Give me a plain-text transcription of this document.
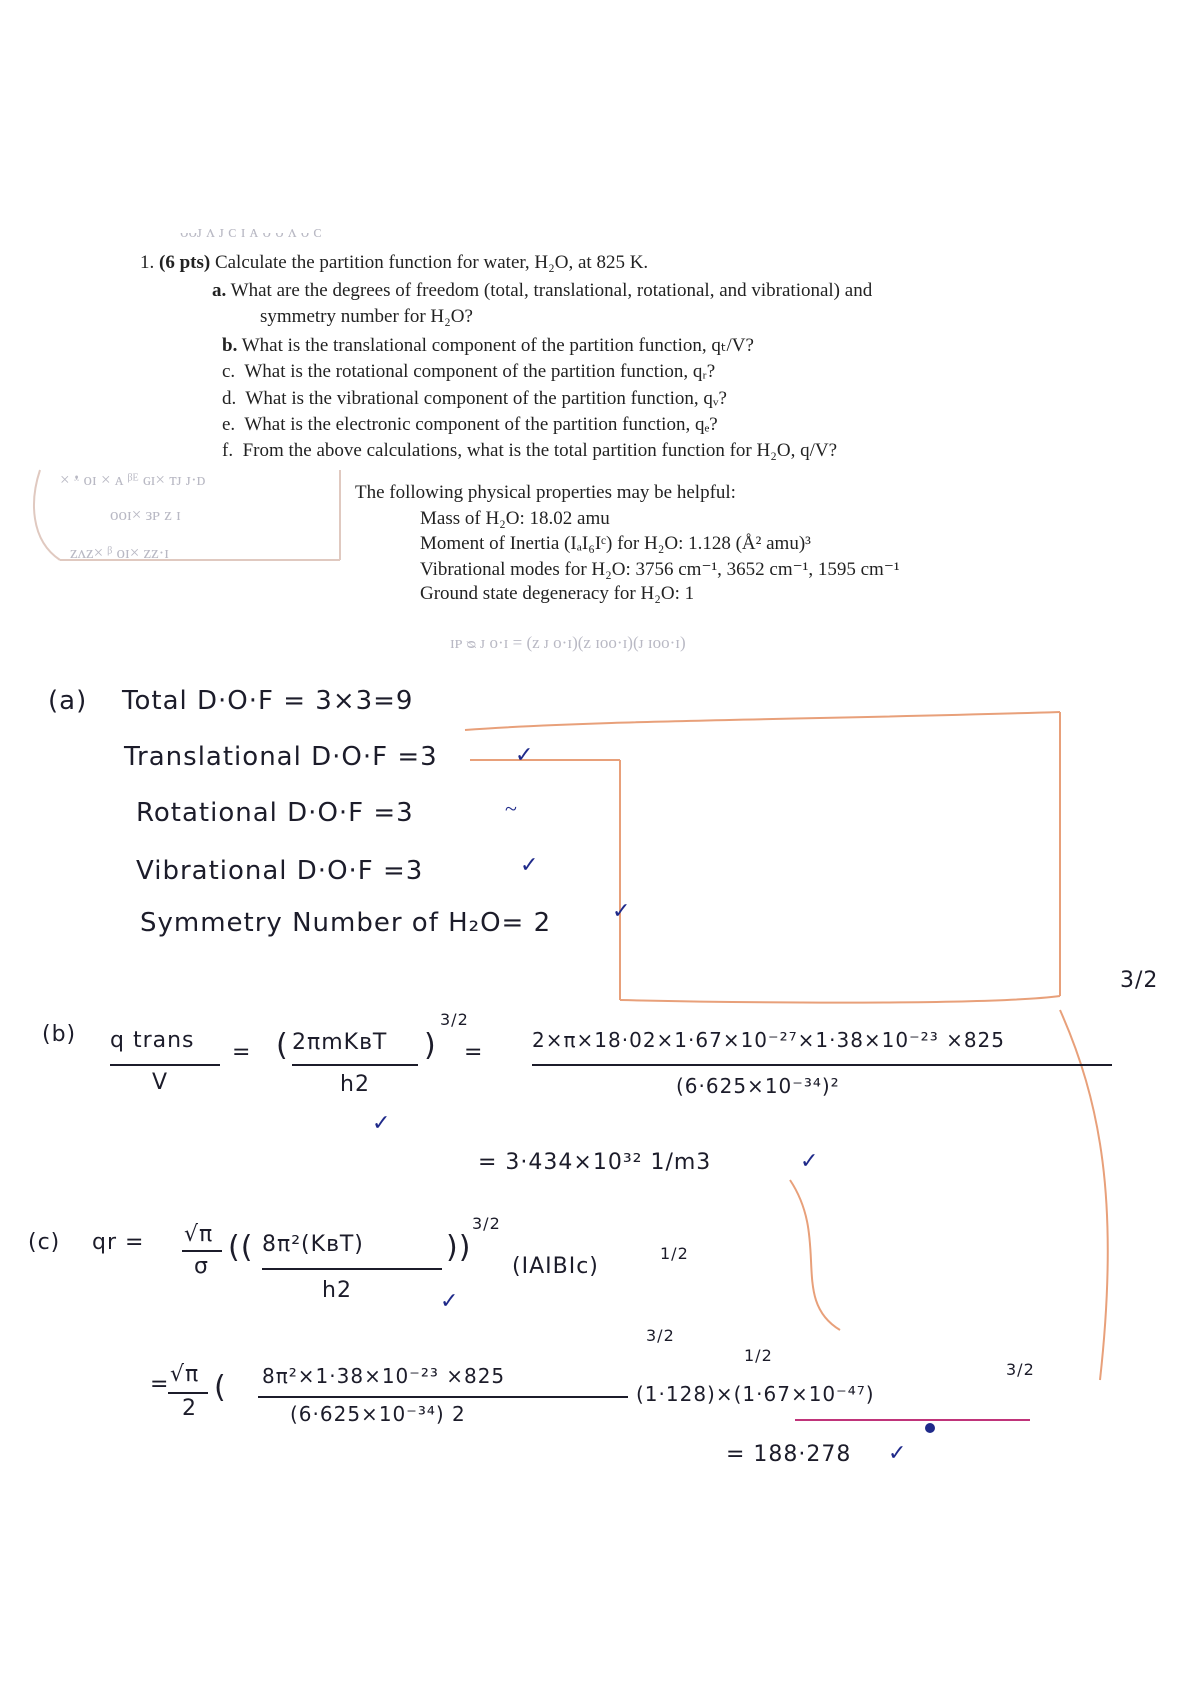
ᴗᴗᴊ ᴧ ᴊ ᴄ ɪ ᴀ ᴗ ᴗ ᴧ ᴗ ᴄ
× ᵜ ᴏɪ × ᴀ ᵝᴱ ɢɪ× ᴛᴊ ᴊ·ᴅ
ᴏᴏɪ× ᴈᴘ ᴢ ɪ
ᴢᴧᴢ× ᵝ ᴏɪ× ᴢᴢ·ɪ
ɪᴘ ᴓ ᴊ ᴏ·ɪ = (ᴢ ᴊ ᴏ·ɪ)(ᴢ ɪᴏᴏ·ɪ)(ᴊ ɪᴏᴏ·ɪ)
1. (6 pts) Calculate the partition function for water, H₂O, at 825 K.
a. What are the degrees of freedom (total, translational, rotational, and vibrational) and
symmetry number for H₂O?
b. What is the translational component of the partition function, qₜ/V?
c. What is the rotational component of the partition function, qᵣ?
d. What is the vibrational component of the partition function, qᵥ?
e. What is the electronic component of the partition function, qₑ?
f. From the above calculations, what is the total partition function for H₂O, q/V?
The following physical properties may be helpful:
Mass of H₂O: 18.02 amu
Moment of Inertia (IₐI₆Iᶜ) for H₂O: 1.128 (Å² amu)³
Vibrational modes for H₂O: 3756 cm⁻¹, 3652 cm⁻¹, 1595 cm⁻¹
Ground state degeneracy for H₂O: 1
(a) Total D·O·F = 3×3=9
Translational D·O·F =3	✓
Rotational D·O·F =3	~
Vibrational D·O·F =3	✓
Symmetry Number of H₂O= 2	✓
(b) q trans
V
= ( 2πmKʙT
h2
)
3/2
=
✓
2×π×18·02×1·67×10⁻²⁷×1·38×10⁻²³ ×825
(6·625×10⁻³⁴)²
= 3·434×10³² 1/m3	✓
(c) qr = √π
σ
(( 8π²(KʙT)
h2
))
3/2
(IAIBIc)
1/2
✓
= √π
2
( 8π²×1·38×10⁻²³ ×825
(6·625×10⁻³⁴) 2
3/2
(1·128)×(1·67×10⁻⁴⁷)
1/2
3/2
= 188·278 ✓
3/2
